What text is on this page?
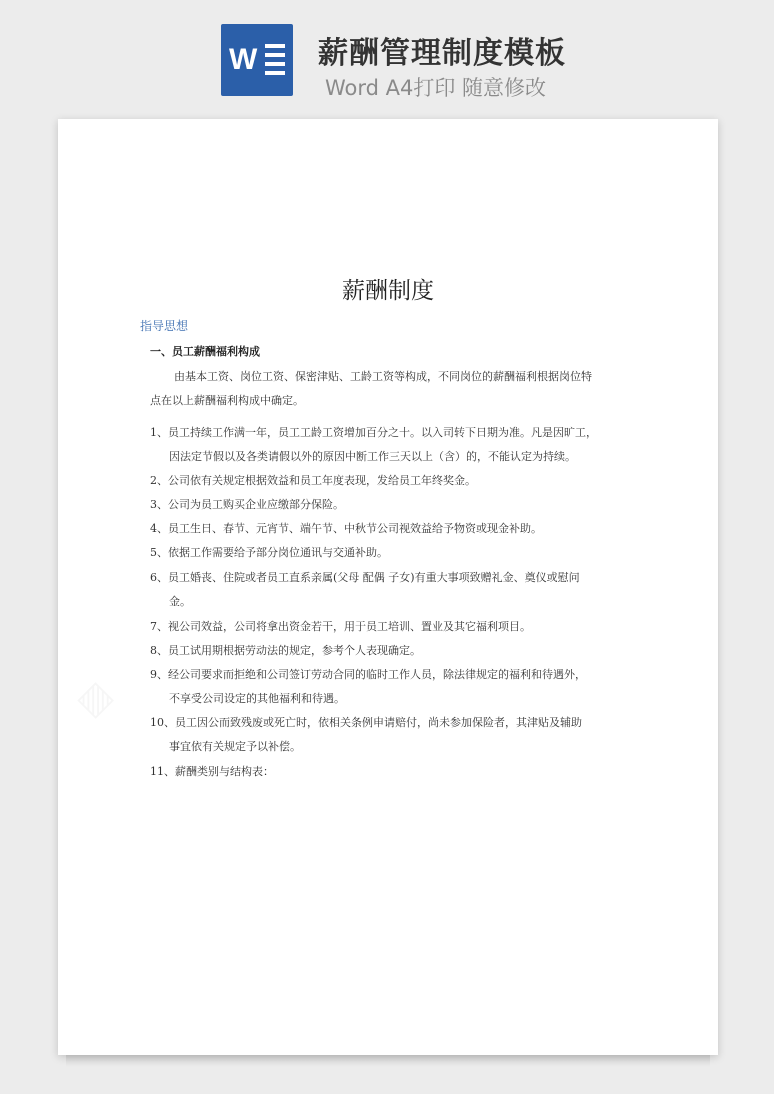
W 薪酬管理制度模板
Word A4打印 随意修改
薪酬制度
指导思想
一、员工薪酬福利构成
由基本工资、岗位工资、保密津贴、工龄工资等构成，不同岗位的薪酬福利根据岗位特
点在以上薪酬福利构成中确定。
1、员工持续工作满一年，员工工龄工资增加百分之十。以入司转下日期为准。凡是因旷工，
因法定节假以及各类请假以外的原因中断工作三天以上（含）的，不能认定为持续。
2、公司依有关规定根据效益和员工年度表现，发给员工年终奖金。
3、公司为员工购买企业应缴部分保险。
4、员工生日、春节、元宵节、端午节、中秋节公司视效益给予物资或现金补助。
5、依据工作需要给予部分岗位通讯与交通补助。
6、员工婚丧、住院或者员工直系亲属(父母 配偶 子女)有重大事项致赠礼金、奠仪或慰问
金。
7、视公司效益，公司将拿出资金若干，用于员工培训、置业及其它福利项目。
8、员工试用期根据劳动法的规定，参考个人表现确定。
9、经公司要求而拒绝和公司签订劳动合同的临时工作人员，除法律规定的福利和待遇外，
不享受公司设定的其他福利和待遇。
10、员工因公而致残废或死亡时，依相关条例申请赔付，尚未参加保险者，其津贴及辅助
事宜依有关规定予以补偿。
11、薪酬类别与结构表：
